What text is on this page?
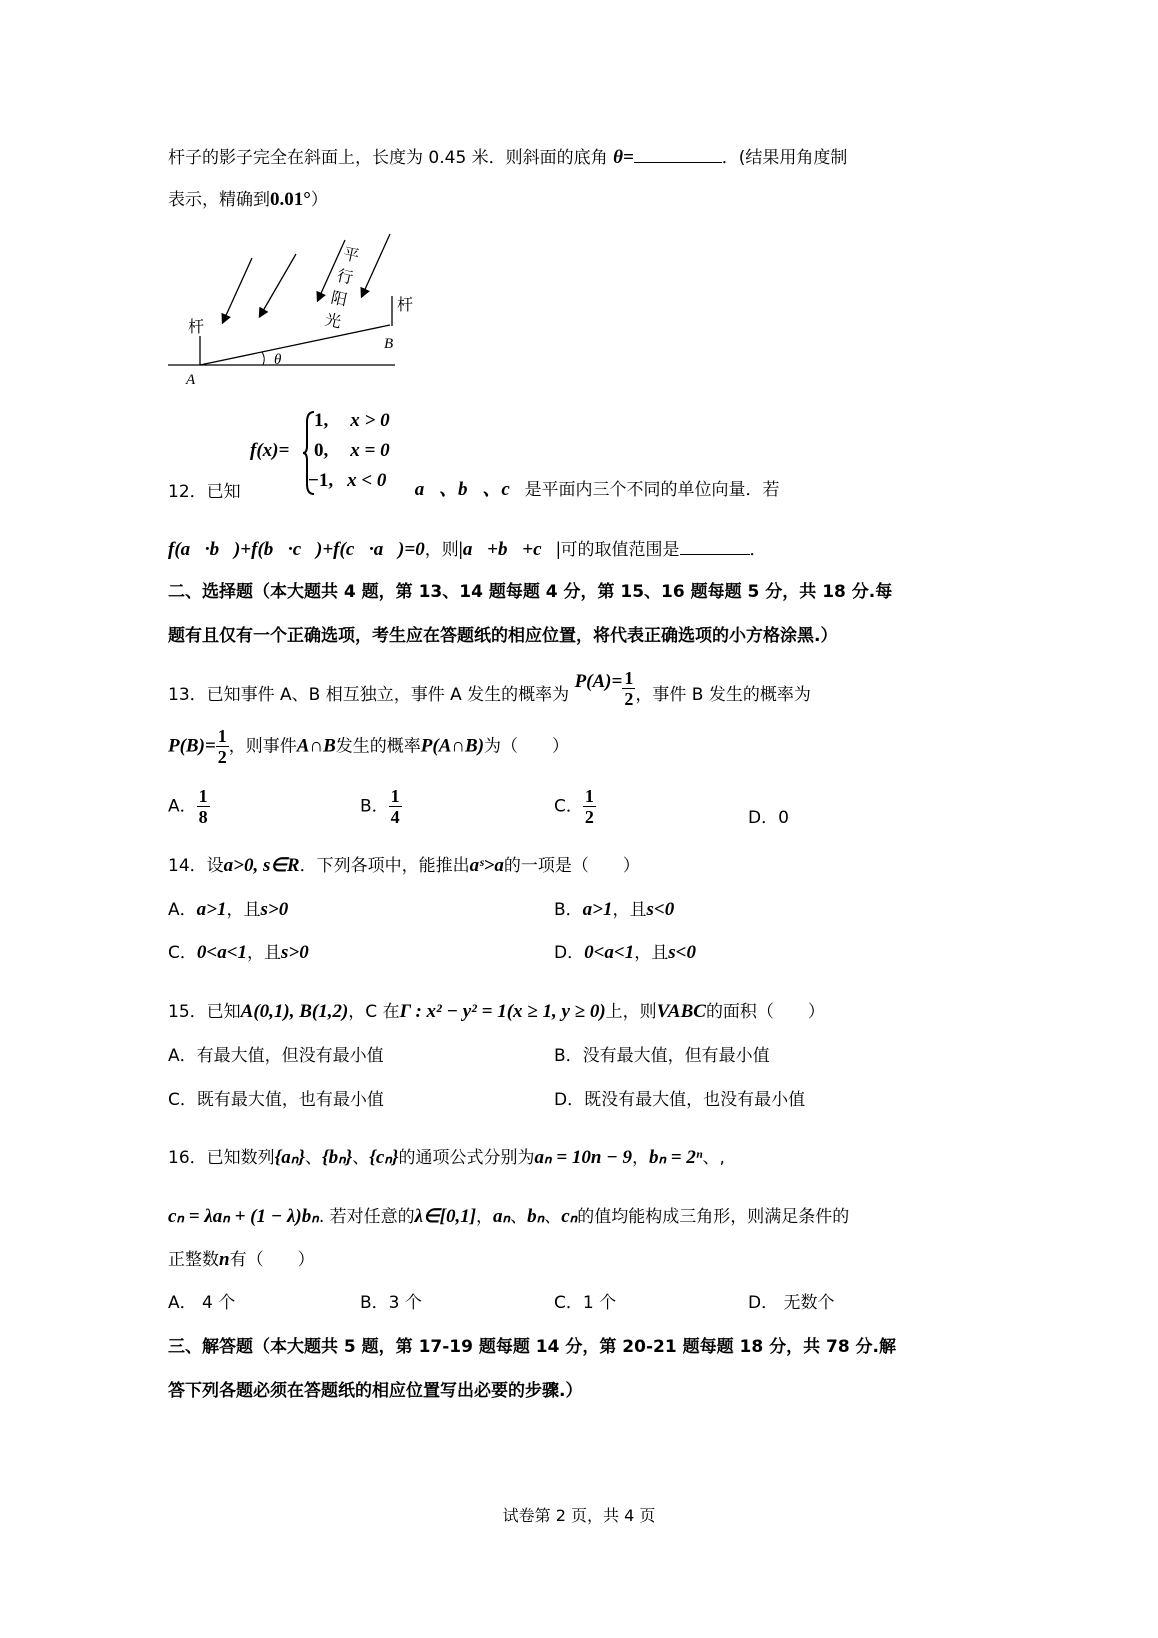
杆子的影子完全在斜面上，长度为 0.45 米．则斜面的底角 θ=	．(结果用角度制
表示，精确到0.01°）
杆
杆
A
B
θ
平
行
阳
光
f(x)=
1, x > 0
0, x = 0
−1, x < 0
12．已知	，a⃗、b⃗、c⃗是平面内三个不同的单位向量．若
f(a⃗·b⃗)+f(b⃗·c⃗)+f(c⃗·a⃗)=0，则|a⃗+b⃗+c⃗|可的取值范围是	．
二、选择题（本大题共 4 题，第 13、14 题每题 4 分，第 15、16 题每题 5 分，共 18 分.每
题有且仅有一个正确选项，考生应在答题纸的相应位置，将代表正确选项的小方格涂黑.）
13．已知事件 A、B 相互独立，事件 A 发生的概率为 $P(A)= \frac{1}{2}$ ，事件 B 发生的概率为
$P(B)= \frac{1}{2}$ ，则事件A∩B发生的概率P(A∩B)为（　　）
A． $\frac{1}{8}$	B． $\frac{1}{4}$	C． $\frac{1}{2}$	D．0
14．设a>0, s∈R．下列各项中，能推出aˢ>a的一项是（　　）
A．a>1，且s>0	B．a>1，且s<0
C．0<a<1，且s>0	D．0<a<1，且s<0
15．已知A(0,1), B(1,2)，C 在Γ : x² − y² = 1(x ≥ 1, y ≥ 0)上，则VABC的面积（　　）
A．有最大值，但没有最小值	B．没有最大值，但有最小值
C．既有最大值，也有最小值	D．既没有最大值，也没有最小值
16．已知数列{aₙ}、{bₙ}、{cₙ}的通项公式分别为aₙ = 10n − 9，bₙ = 2ⁿ、,
cₙ = λaₙ + (1 − λ)bₙ. 若对任意的λ∈[0,1]，aₙ、bₙ、cₙ的值均能构成三角形，则满足条件的
正整数n有（　　）
A． 4 个	B．3 个	C．1 个	D． 无数个
三、解答题（本大题共 5 题，第 17-19 题每题 14 分，第 20-21 题每题 18 分，共 78 分.解
答下列各题必须在答题纸的相应位置写出必要的步骤.）
试卷第 2 页，共 4 页
